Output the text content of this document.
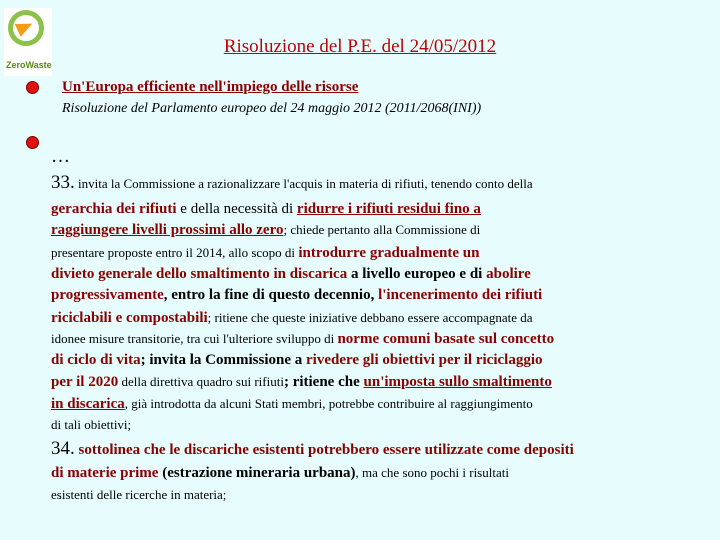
ZeroWaste
Risoluzione del P.E. del 24/05/2012
Un'Europa efficiente nell'impiego delle risorse
Risoluzione del Parlamento europeo del 24 maggio 2012 (2011/2068(INI))
…
33. invita la Commissione a razionalizzare l'acquis in materia di rifiuti, tenendo conto della
gerarchia dei rifiuti e della necessità di ridurre i rifiuti residui fino a
raggiungere livelli prossimi allo zero; chiede pertanto alla Commissione di
presentare proposte entro il 2014, allo scopo di introdurre gradualmente un
divieto generale dello smaltimento in discarica a livello europeo e di abolire
progressivamente, entro la fine di questo decennio, l'incenerimento dei rifiuti
riciclabili e compostabili; ritiene che queste iniziative debbano essere accompagnate da
idonee misure transitorie, tra cui l'ulteriore sviluppo di norme comuni basate sul concetto
di ciclo di vita; invita la Commissione a rivedere gli obiettivi per il riciclaggio
per il 2020 della direttiva quadro sui rifiuti; ritiene che un'imposta sullo smaltimento
in discarica, già introdotta da alcuni Stati membri, potrebbe contribuire al raggiungimento
di tali obiettivi;
34. sottolinea che le discariche esistenti potrebbero essere utilizzate come depositi
di materie prime (estrazione mineraria urbana), ma che sono pochi i risultati
esistenti delle ricerche in materia;
